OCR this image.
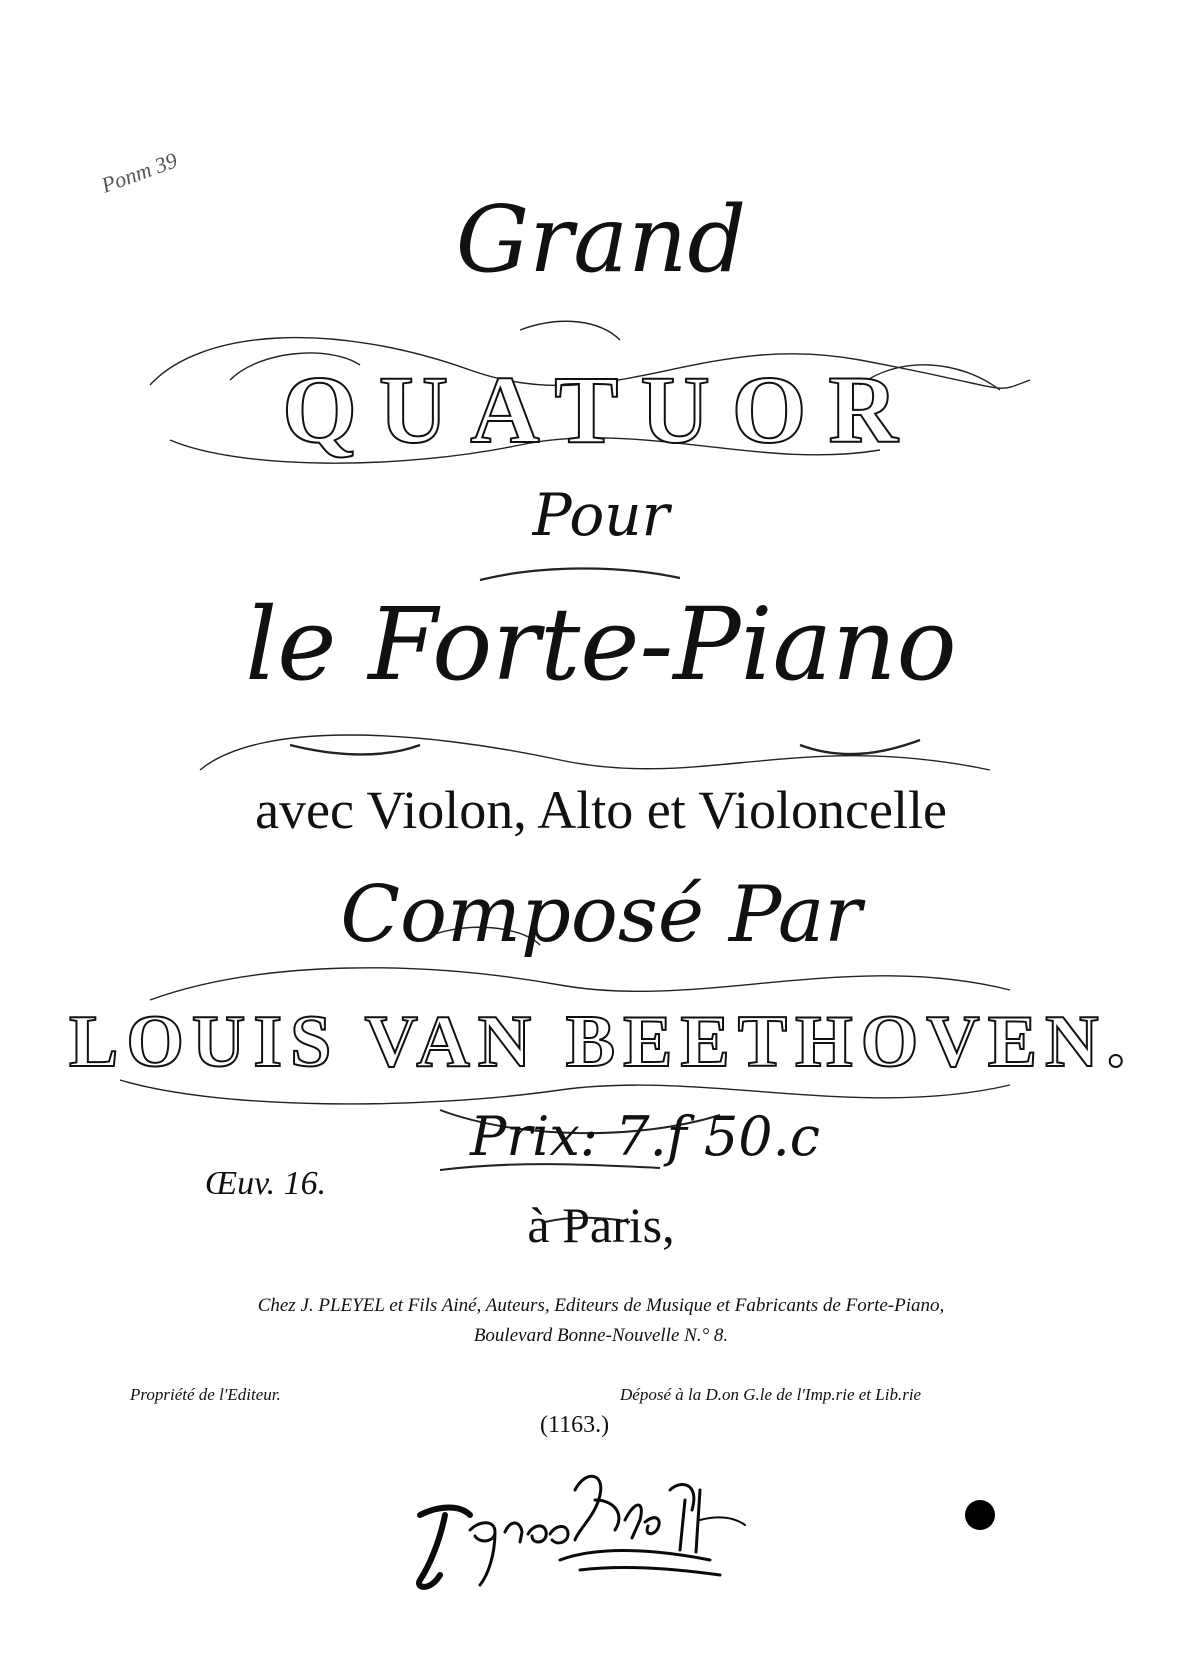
Ponm 39
Grand
QUATUOR
Pour
le Forte-Piano
avec Violon, Alto et Violoncelle
Composé Par
LOUIS VAN BEETHOVEN.
Prix: 7.f 50.c
Œuv. 16.
à Paris,
Chez J. PLEYEL et Fils Ainé, Auteurs, Editeurs de Musique et Fabricants de Forte-Piano,
Boulevard Bonne-Nouvelle N.° 8.
Propriété de l'Editeur.	Déposé à la D.on G.le de l'Imp.rie et Lib.rie
(1163.)
